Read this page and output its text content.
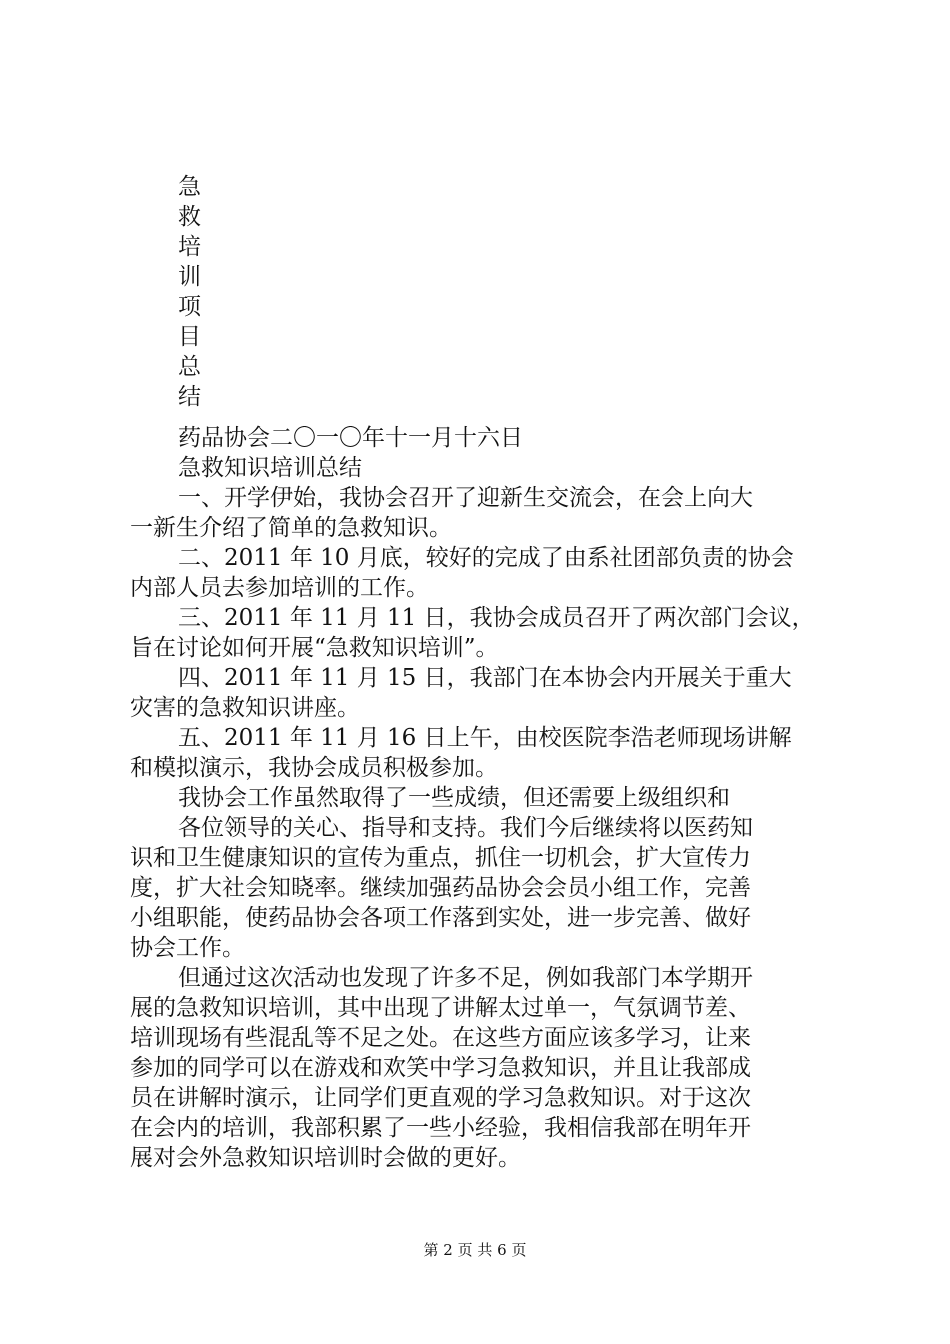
急
救
培
训
项
目
总
结
药品协会二〇一〇年十一月十六日
急救知识培训总结
一、开学伊始，我协会召开了迎新生交流会，在会上向大
一新生介绍了简单的急救知识。
二、2011 年 10 月底，较好的完成了由系社团部负责的协会
内部人员去参加培训的工作。
三、2011 年 11 月 11 日，我协会成员召开了两次部门会议，
旨在讨论如何开展“急救知识培训”。
四、2011 年 11 月 15 日，我部门在本协会内开展关于重大
灾害的急救知识讲座。
五、2011 年 11 月 16 日上午，由校医院李浩老师现场讲解
和模拟演示，我协会成员积极参加。
我协会工作虽然取得了一些成绩，但还需要上级组织和
各位领导的关心、指导和支持。我们今后继续将以医药知
识和卫生健康知识的宣传为重点，抓住一切机会，扩大宣传力
度，扩大社会知晓率。继续加强药品协会会员小组工作，完善
小组职能，使药品协会各项工作落到实处，进一步完善、做好
协会工作。
但通过这次活动也发现了许多不足，例如我部门本学期开
展的急救知识培训，其中出现了讲解太过单一，气氛调节差、
培训现场有些混乱等不足之处。在这些方面应该多学习，让来
参加的同学可以在游戏和欢笑中学习急救知识，并且让我部成
员在讲解时演示，让同学们更直观的学习急救知识。对于这次
在会内的培训，我部积累了一些小经验，我相信我部在明年开
展对会外急救知识培训时会做的更好。
第 2 页 共 6 页
